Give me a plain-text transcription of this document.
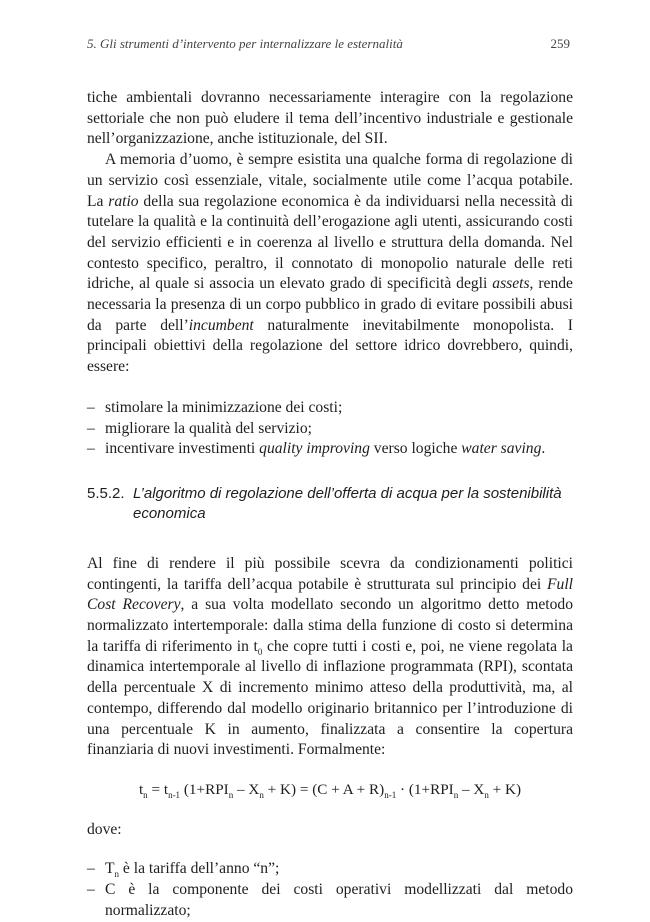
5. Gli strumenti d’intervento per internalizzare le esternalità	259

tiche ambientali dovranno necessariamente interagire con la regolazione settoriale che non può eludere il tema dell’incentivo industriale e gestionale nell’organizzazione, anche istituzionale, del SII.

A memoria d’uomo, è sempre esistita una qualche forma di regolazione di un servizio così essenziale, vitale, socialmente utile come l’acqua potabile. La ratio della sua regolazione economica è da individuarsi nella necessità di tutelare la qualità e la continuità dell’erogazione agli utenti, assicurando costi del servizio efficienti e in coerenza al livello e struttura della domanda. Nel contesto specifico, peraltro, il connotato di monopolio naturale delle reti idriche, al quale si associa un elevato grado di specificità degli assets, rende necessaria la presenza di un corpo pubblico in grado di evitare possibili abusi da parte dell’incumbent naturalmente inevitabilmente monopolista. I principali obiettivi della regolazione del settore idrico dovrebbero, quindi, essere:

– stimolare la minimizzazione dei costi;
– migliorare la qualità del servizio;
– incentivare investimenti quality improving verso logiche water saving.
5.5.2. L’algoritmo di regolazione dell’offerta di acqua per la sostenibilità economica

Al fine di rendere il più possibile scevra da condizionamenti politici contingenti, la tariffa dell’acqua potabile è strutturata sul principio dei Full Cost Recovery, a sua volta modellato secondo un algoritmo detto metodo normalizzato intertemporale: dalla stima della funzione di costo si determina la tariffa di riferimento in $t_0$ che copre tutti i costi e, poi, ne viene regolata la dinamica intertemporale al livello di inflazione programmata (RPI), scontata della percentuale X di incremento minimo atteso della produttività, ma, al contempo, differendo dal modello originario britannico per l’introduzione di una percentuale K in aumento, finalizzata a consentire la copertura finanziaria di nuovi investimenti. Formalmente:

$t_n = t_{n-1}$ $(1+RPI_n - X_n + K) = (C + A + R)_{n-1} \cdot (1+RPI_n - X_n + K)$

dove:

– $T_n$ è la tariffa dell’anno “n”;
– C è la componente dei costi operativi modellizzati dal metodo normalizzato;
